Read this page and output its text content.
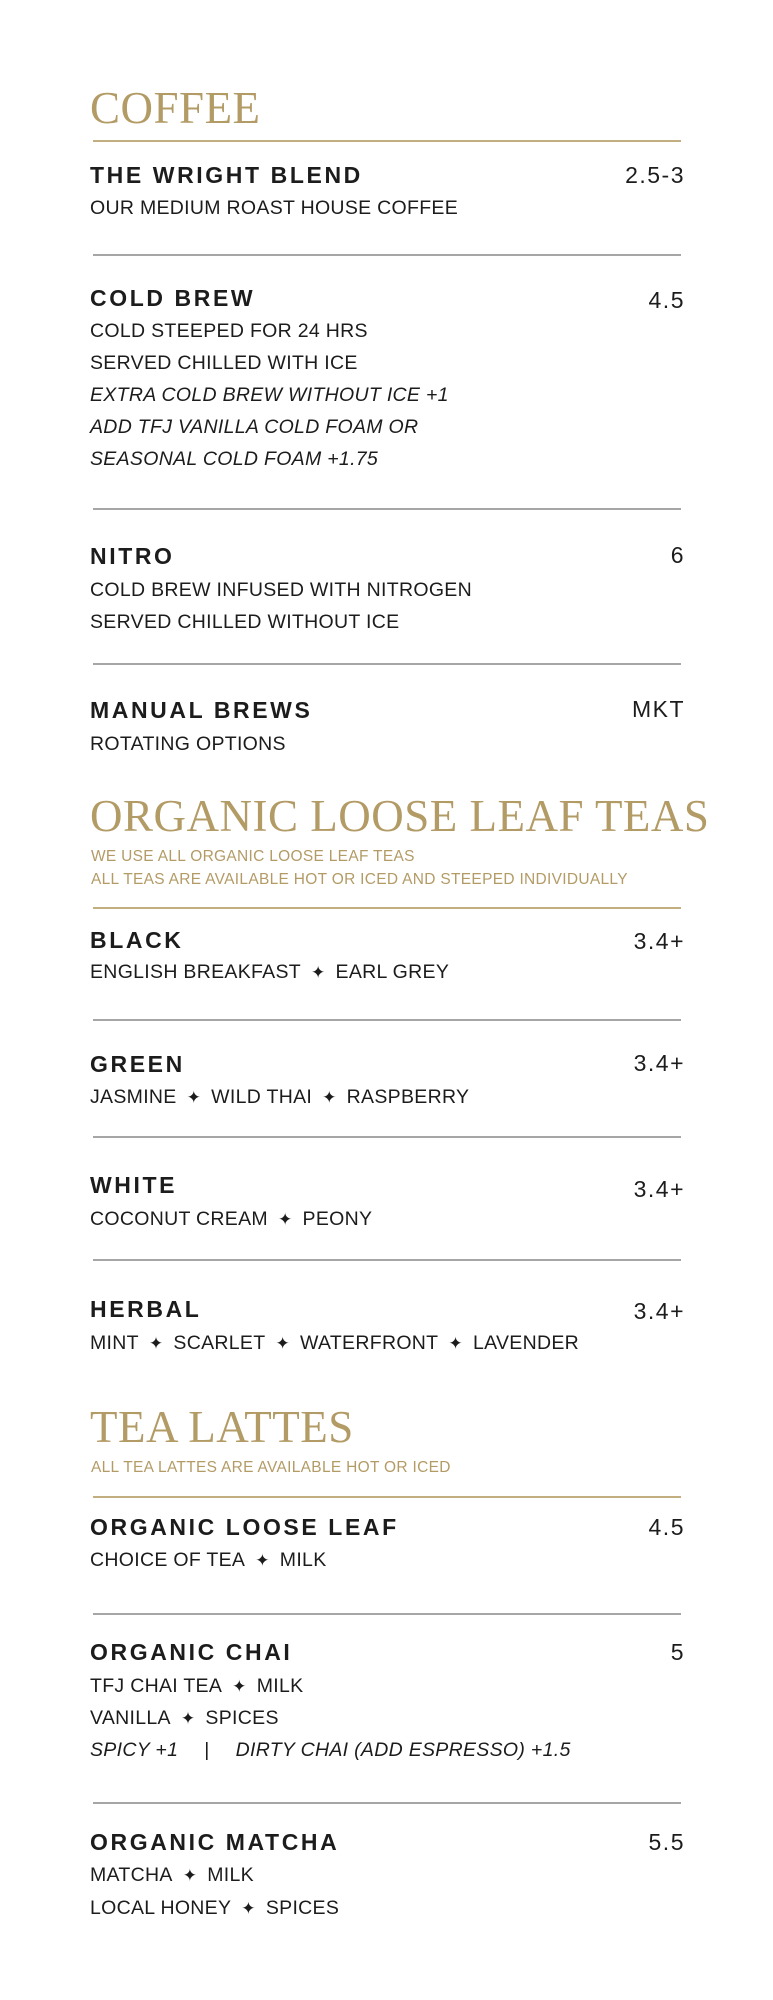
COFFEE
THE WRIGHT BLEND	2.5-3
OUR MEDIUM ROAST HOUSE COFFEE
COLD BREW	4.5
COLD STEEPED FOR 24 HRS
SERVED CHILLED WITH ICE
EXTRA COLD BREW WITHOUT ICE +1
ADD TFJ VANILLA COLD FOAM OR
SEASONAL COLD FOAM +1.75
NITRO	6
COLD BREW INFUSED WITH NITROGEN
SERVED CHILLED WITHOUT ICE
MANUAL BREWS	MKT
ROTATING OPTIONS
ORGANIC LOOSE LEAF TEAS
WE USE ALL ORGANIC LOOSE LEAF TEAS
ALL TEAS ARE AVAILABLE HOT OR ICED AND STEEPED INDIVIDUALLY
BLACK	3.4+
ENGLISH BREAKFAST ✦ EARL GREY
GREEN	3.4+
JASMINE ✦ WILD THAI ✦ RASPBERRY
WHITE	3.4+
COCONUT CREAM ✦ PEONY
HERBAL	3.4+
MINT ✦ SCARLET ✦ WATERFRONT ✦ LAVENDER
TEA LATTES
ALL TEA LATTES ARE AVAILABLE HOT OR ICED
ORGANIC LOOSE LEAF	4.5
CHOICE OF TEA ✦ MILK
ORGANIC CHAI	5
TFJ CHAI TEA ✦ MILK
VANILLA ✦ SPICES
SPICY +1 | DIRTY CHAI (ADD ESPRESSO) +1.5
ORGANIC MATCHA	5.5
MATCHA ✦ MILK
LOCAL HONEY ✦ SPICES
